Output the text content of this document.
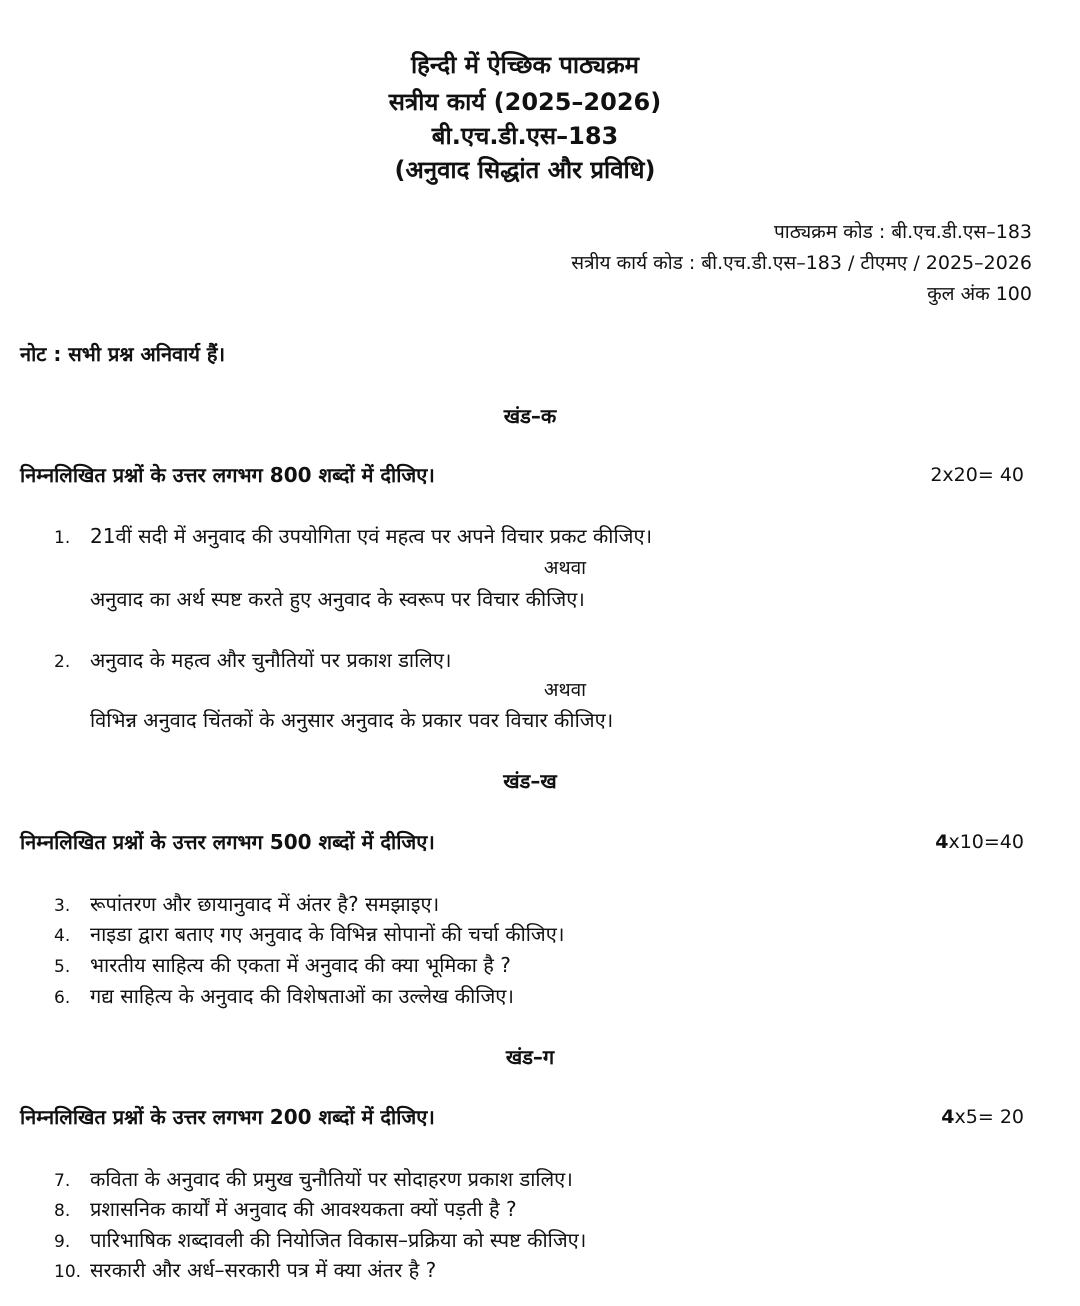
हिन्दी में ऐच्छिक पाठ्यक्रम
सत्रीय कार्य (2025–2026)
बी.एच.डी.एस–183
(अनुवाद सिद्धांत और प्रविधि)
पाठ्यक्रम कोड : बी.एच.डी.एस–183
सत्रीय कार्य कोड : बी.एच.डी.एस–183 / टीएमए / 2025–2026
कुल अंक 100
नोट : सभी प्रश्न अनिवार्य हैं।
खंड–क
निम्नलिखित प्रश्नों के उत्तर लगभग 800 शब्दों में दीजिए।	2x20= 40
1. 21वीं सदी में अनुवाद की उपयोगिता एवं महत्व पर अपने विचार प्रकट कीजिए।
अथवा
अनुवाद का अर्थ स्पष्ट करते हुए अनुवाद के स्वरूप पर विचार कीजिए।
2. अनुवाद के महत्व और चुनौतियों पर प्रकाश डालिए।
अथवा
विभिन्न अनुवाद चिंतकों के अनुसार अनुवाद के प्रकार पवर विचार कीजिए।
खंड–ख
निम्नलिखित प्रश्नों के उत्तर लगभग 500 शब्दों में दीजिए।	4x10=40
3. रूपांतरण और छायानुवाद में अंतर है? समझाइए।
4. नाइडा द्वारा बताए गए अनुवाद के विभिन्न सोपानों की चर्चा कीजिए।
5. भारतीय साहित्य की एकता में अनुवाद की क्या भूमिका है ?
6. गद्य साहित्य के अनुवाद की विशेषताओं का उल्लेख कीजिए।
खंड–ग
निम्नलिखित प्रश्नों के उत्तर लगभग 200 शब्दों में दीजिए।	4x5= 20
7. कविता के अनुवाद की प्रमुख चुनौतियों पर सोदाहरण प्रकाश डालिए।
8. प्रशासनिक कार्यों में अनुवाद की आवश्यकता क्यों पड़ती है ?
9. पारिभाषिक शब्दावली की नियोजित विकास–प्रक्रिया को स्पष्ट कीजिए।
10. सरकारी और अर्ध–सरकारी पत्र में क्या अंतर है ?
